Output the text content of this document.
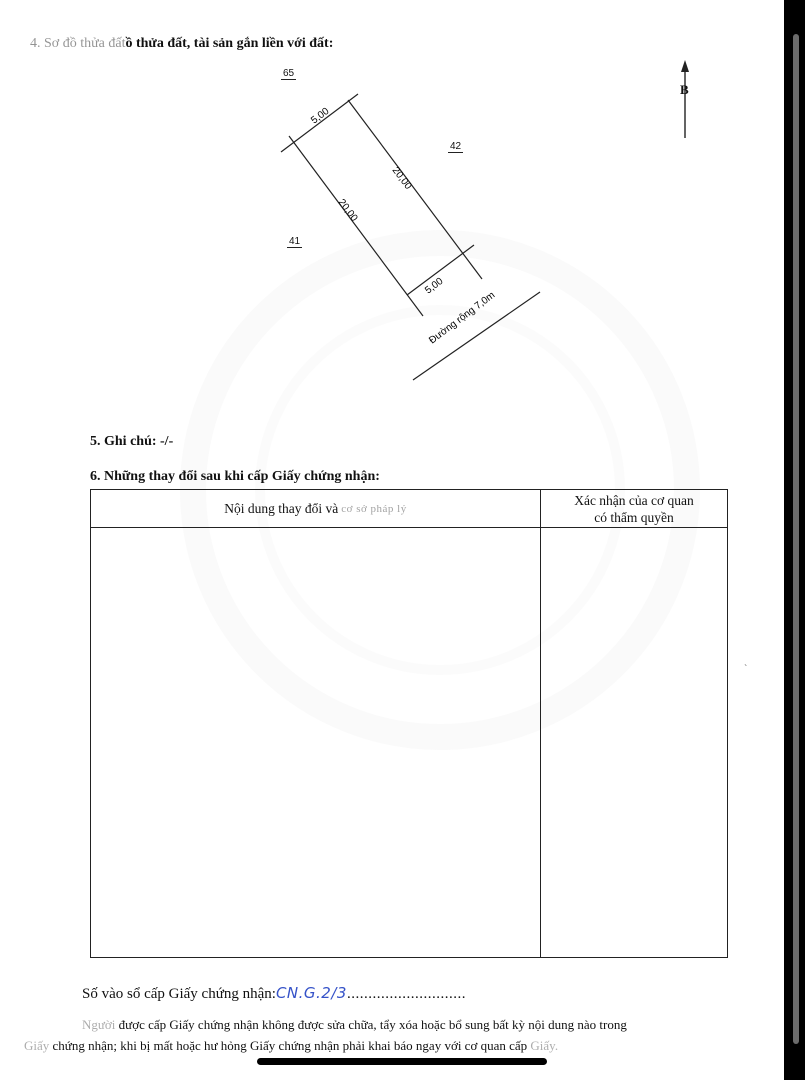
4. Sơ đồ thửa đấtồ thửa đất, tài sản gắn liền với đất:
65
42
41
5,00
20,00
20,00
5,00
Đường rộng 7,0m
B
5. Ghi chú: -/-
6. Những thay đổi sau khi cấp Giấy chứng nhận:
Nội dung thay đổi và cơ sở pháp lý
Xác nhận của cơ quan
có thẩm quyền
ˋ
Số vào sổ cấp Giấy chứng nhận:CN.G.2/3............................
Người được cấp Giấy chứng nhận không được sửa chữa, tẩy xóa hoặc bổ sung bất kỳ nội dung nào trong
Giấy chứng nhận; khi bị mất hoặc hư hỏng Giấy chứng nhận phải khai báo ngay với cơ quan cấp Giấy.
